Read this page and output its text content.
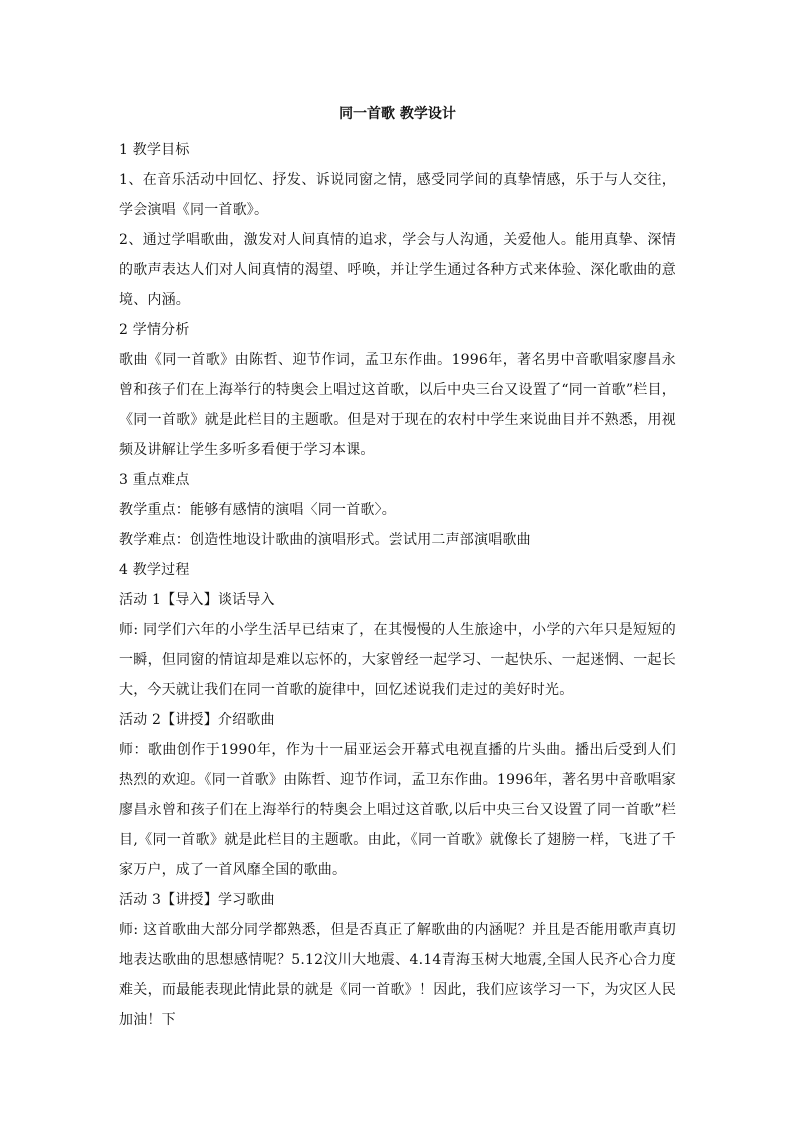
同一首歌 教学设计

1 教学目标

1、在音乐活动中回忆、抒发、诉说同窗之情，感受同学间的真挚情感，乐于与人交往，学会演唱《同一首歌》。

2、通过学唱歌曲，激发对人间真情的追求，学会与人沟通，关爱他人。能用真挚、深情的歌声表达人们对人间真情的渴望、呼唤，并让学生通过各种方式来体验、深化歌曲的意境、内涵。

2 学情分析

歌曲《同一首歌》由陈哲、迎节作词，孟卫东作曲。1996年，著名男中音歌唱家廖昌永曾和孩子们在上海举行的特奥会上唱过这首歌，以后中央三台又设置了“同一首歌”栏目，《同一首歌》就是此栏目的主题歌。但是对于现在的农村中学生来说曲目并不熟悉，用视频及讲解让学生多听多看便于学习本课。

3 重点难点

教学重点：能够有感情的演唱〈同一首歌〉。

教学难点：创造性地设计歌曲的演唱形式。尝试用二声部演唱歌曲

4 教学过程

活动 1【导入】谈话导入

师: 同学们六年的小学生活早已结束了，在其慢慢的人生旅途中，小学的六年只是短短的一瞬，但同窗的情谊却是难以忘怀的，大家曾经一起学习、一起快乐、一起迷惘、一起长大，今天就让我们在同一首歌的旋律中，回忆述说我们走过的美好时光。

活动 2【讲授】介绍歌曲

师：歌曲创作于1990年，作为十一届亚运会开幕式电视直播的片头曲。播出后受到人们热烈的欢迎。《同一首歌》由陈哲、迎节作词，孟卫东作曲。1996年，著名男中音歌唱家廖昌永曾和孩子们在上海举行的特奥会上唱过这首歌,以后中央三台又设置了同一首歌”栏目,《同一首歌》就是此栏目的主题歌。由此，《同一首歌》就像长了翅膀一样，飞进了千家万户，成了一首风靡全国的歌曲。

活动 3【讲授】学习歌曲

师: 这首歌曲大部分同学都熟悉，但是否真正了解歌曲的内涵呢？并且是否能用歌声真切地表达歌曲的思想感情呢？5.12汶川大地震、4.14青海玉树大地震,全国人民齐心合力度难关，而最能表现此情此景的就是《同一首歌》！因此，我们应该学习一下，为灾区人民加油！下
